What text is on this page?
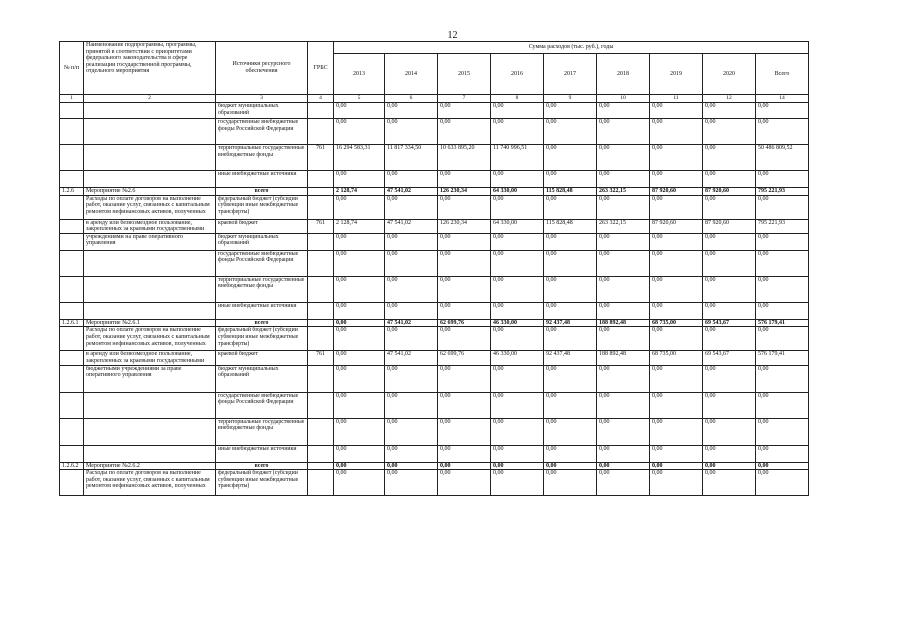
12
№ п/п	Наименование подпрограммы, программы, принятой в соответствии с приоритетами федерального законодательства в сфере реализации государственной программы, отдельного мероприятия	Источники ресурсного обеспечения	ГРБС	Сумма расходов (тыс. руб.), годы								
				2013	2014	2015	2016	2017	2018	2019	2020	Всего
1	2	3	4	5	6	7	8	9	10	11	12	14
		бюджет муниципальных образований		0,00	0,00	0,00	0,00	0,00	0,00	0,00	0,00	0,00
		государственные внебюджетные фонды Российской Федерации		0,00	0,00	0,00	0,00	0,00	0,00	0,00	0,00	0,00
		территориальные государственные внебюджетные фонды	761	16 294 583,31	11 817 334,50	10 633 895,20	11 740 996,51	0,00	0,00	0,00	0,00	50 486 809,52
		иные внебюджетные источники		0,00	0,00	0,00	0,00	0,00	0,00	0,00	0,00	0,00
1.2.6	Мероприятие №2.6	всего		2 128,74	47 541,02	126 230,34	64 330,00	115 828,48	263 322,15	87 920,60	87 920,60	795 221,93
	Расходы по оплате договоров на выполнение работ, оказание услуг, связанных с капитальным ремонтом нефинансовых активов, полученных	федеральный бюджет (субсидии субвенции иные межбюджетные трансферты)		0,00	0,00	0,00	0,00	0,00	0,00	0,00	0,00	0,00
	в аренду или безвозмездное пользование, закрепленных за краевыми государственными	краевой бюджет	761	2 128,74	47 541,02	126 230,34	64 330,00	115 828,48	263 322,15	87 920,60	87 920,60	795 221,93
	учреждениями на праве оперативного управления	бюджет муниципальных образований		0,00	0,00	0,00	0,00	0,00	0,00	0,00	0,00	0,00
		государственные внебюджетные фонды Российской Федерации		0,00	0,00	0,00	0,00	0,00	0,00	0,00	0,00	0,00
		территориальные государственные внебюджетные фонды		0,00	0,00	0,00	0,00	0,00	0,00	0,00	0,00	0,00
		иные внебюджетные источники		0,00	0,00	0,00	0,00	0,00	0,00	0,00	0,00	0,00
1.2.6.1	Мероприятие №2.6.1	всего		0,00	47 541,02	62 699,76	46 330,00	92 437,48	188 892,48	68 735,00	69 543,67	576 179,41
	Расходы по оплате договоров на выполнение работ, оказание услуг, связанных с капитальным ремонтом нефинансовых активов, полученных	федеральный бюджет (субсидии субвенции иные межбюджетные трансферты)		0,00	0,00	0,00	0,00	0,00	0,00	0,00	0,00	0,00
	в аренду или безвозмездное пользование, закрепленных за краевыми государственными	краевой бюджет	761	0,00	47 541,02	62 699,76	46 330,00	92 437,48	188 892,48	68 735,00	69 543,67	576 179,41
	бюджетными учреждениями за праве оперативного управления	бюджет муниципальных образований		0,00	0,00	0,00	0,00	0,00	0,00	0,00	0,00	0,00
		государственные внебюджетные фонды Российской Федерации		0,00	0,00	0,00	0,00	0,00	0,00	0,00	0,00	0,00
		территориальные государственные внебюджетные фонды		0,00	0,00	0,00	0,00	0,00	0,00	0,00	0,00	0,00
		иные внебюджетные источники		0,00	0,00	0,00	0,00	0,00	0,00	0,00	0,00	0,00
1.2.6.2	Мероприятие №2.6.2	всего		0,00	0,00	0,00	0,00	0,00	0,00	0,00	0,00	0,00
	Расходы по оплате договоров на выполнение работ, оказание услуг, связанных с капитальным ремонтом нефинансовых активов, полученных	федеральный бюджет (субсидии субвенции иные межбюджетные трансферты)		0,00	0,00	0,00	0,00	0,00	0,00	0,00	0,00	0,00
